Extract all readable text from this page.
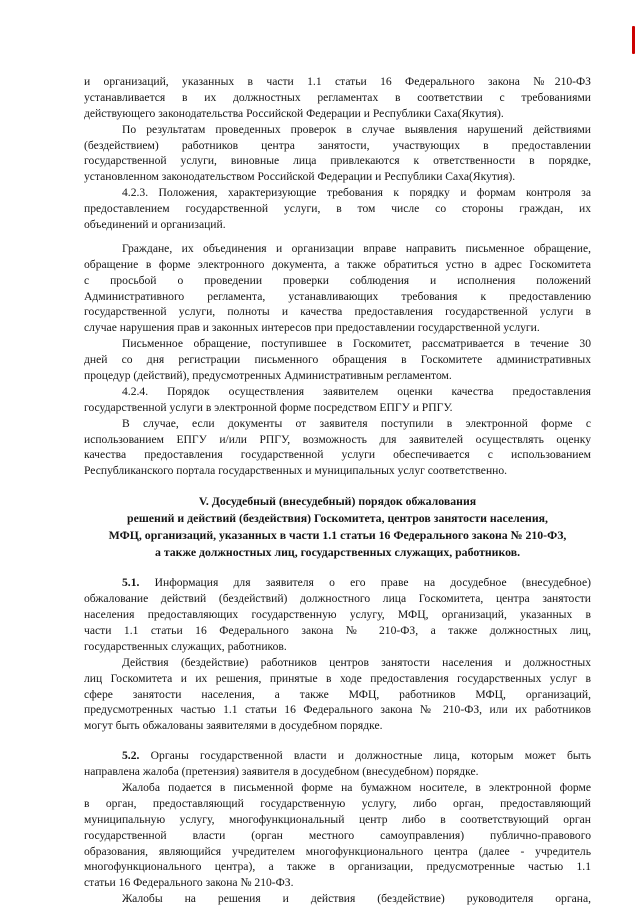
и организаций, указанных в части 1.1 статьи 16 Федерального закона №210-ФЗ
устанавливается в их должностных регламентах в соответствии с требованиями
действующего законодательства Российской Федерации и Республики Саха(Якутия).
По результатам проведенных проверок в случае выявления нарушений действиями
(бездействием) работников центра занятости, участвующих в предоставлении
государственной услуги, виновные лица привлекаются к ответственности в порядке,
установленном законодательством Российской Федерации и Республики Саха(Якутия).
4.2.3. Положения, характеризующие требования к порядку и формам контроля за
предоставлением государственной услуги, в том числе со стороны граждан, их
объединений и организаций.
Граждане, их объединения и организации вправе направить письменное обращение,
обращение в форме электронного документа, а также обратиться устно в адрес Госкомитета
с просьбой о проведении проверки соблюдения и исполнения положений
Административного регламента, устанавливающих требования к предоставлению
государственной услуги, полноты и качества предоставления государственной услуги в
случае нарушения прав и законных интересов при предоставлении государственной услуги.
Письменное обращение, поступившее в Госкомитет, рассматривается в течение 30
дней со дня регистрации письменного обращения в Госкомитете административных
процедур (действий), предусмотренных Административным регламентом.
4.2.4. Порядок осуществления заявителем оценки качества предоставления
государственной услуги в электронной форме посредством ЕПГУ и РПГУ.
В случае, если документы от заявителя поступили в электронной форме с
использованием ЕПГУ и/или РПГУ, возможность для заявителей осуществлять оценку
качества предоставления государственной услуги обеспечивается с использованием
Республиканского портала государственных и муниципальных услуг соответственно.
V. Досудебный (внесудебный) порядок обжалования
решений и действий (бездействия) Госкомитета, центров занятости населения,
МФЦ, организаций, указанных в части 1.1 статьи 16 Федерального закона № 210-ФЗ,
а также должностных лиц, государственных служащих, работников.
5.1. Информация для заявителя о его праве на досудебное (внесудебное)
обжалование действий (бездействий) должностного лица Госкомитета, центра занятости
населения предоставляющих государственную услугу, МФЦ, организаций, указанных в
части 1.1 статьи 16 Федерального закона № 210-ФЗ, а также должностных лиц,
государственных служащих, работников.
Действия (бездействие) работников центров занятости населения и должностных
лиц Госкомитета и их решения, принятые в ходе предоставления государственных услуг в
сфере занятости населения, а также МФЦ, работников МФЦ, организаций,
предусмотренных частью 1.1 статьи 16 Федерального закона № 210-ФЗ, или их работников
могут быть обжалованы заявителями в досудебном порядке.
5.2. Органы государственной власти и должностные лица, которым может быть
направлена жалоба (претензия) заявителя в досудебном (внесудебном) порядке.
Жалоба подается в письменной форме на бумажном носителе, в электронной форме
в орган, предоставляющий государственную услугу, либо орган, предоставляющий
муниципальную услугу, многофункциональный центр либо в соответствующий орган
государственной власти (орган местного самоуправления) публично-правового
образования, являющийся учредителем многофункционального центра (далее - учредитель
многофункционального центра), а также в организации, предусмотренные частью 1.1
статьи 16 Федерального закона № 210-ФЗ.
Жалобы на решения и действия (бездействие) руководителя органа,
